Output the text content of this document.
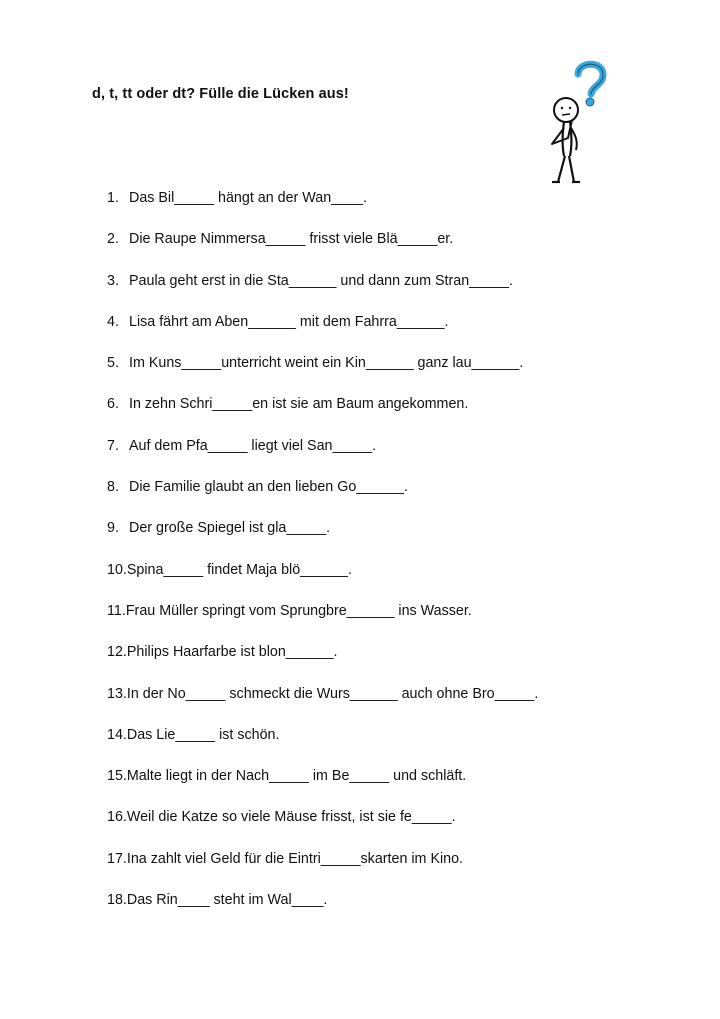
d, t, tt oder dt? Fülle die Lücken aus!
1. Das Bil_____ hängt an der Wan____.
2. Die Raupe Nimmersa_____ frisst viele Blä_____er.
3. Paula geht erst in die Sta______ und dann zum Stran_____.
4. Lisa fährt am Aben______ mit dem Fahrra______.
5. Im Kuns_____unterricht weint ein Kin______ ganz lau______.
6. In zehn Schri_____en ist sie am Baum angekommen.
7. Auf dem Pfa_____ liegt viel San_____.
8. Die Familie glaubt an den lieben Go______.
9. Der große Spiegel ist gla_____.
10.Spina_____ findet Maja blö______.
11.Frau Müller springt vom Sprungbre______ ins Wasser.
12.Philips Haarfarbe ist blon______.
13.In der No_____ schmeckt die Wurs______ auch ohne Bro_____.
14.Das Lie_____ ist schön.
15.Malte liegt in der Nach_____ im Be_____ und schläft.
16.Weil die Katze so viele Mäuse frisst, ist sie fe_____.
17.Ina zahlt viel Geld für die Eintri_____skarten im Kino.
18.Das Rin____ steht im Wal____.
